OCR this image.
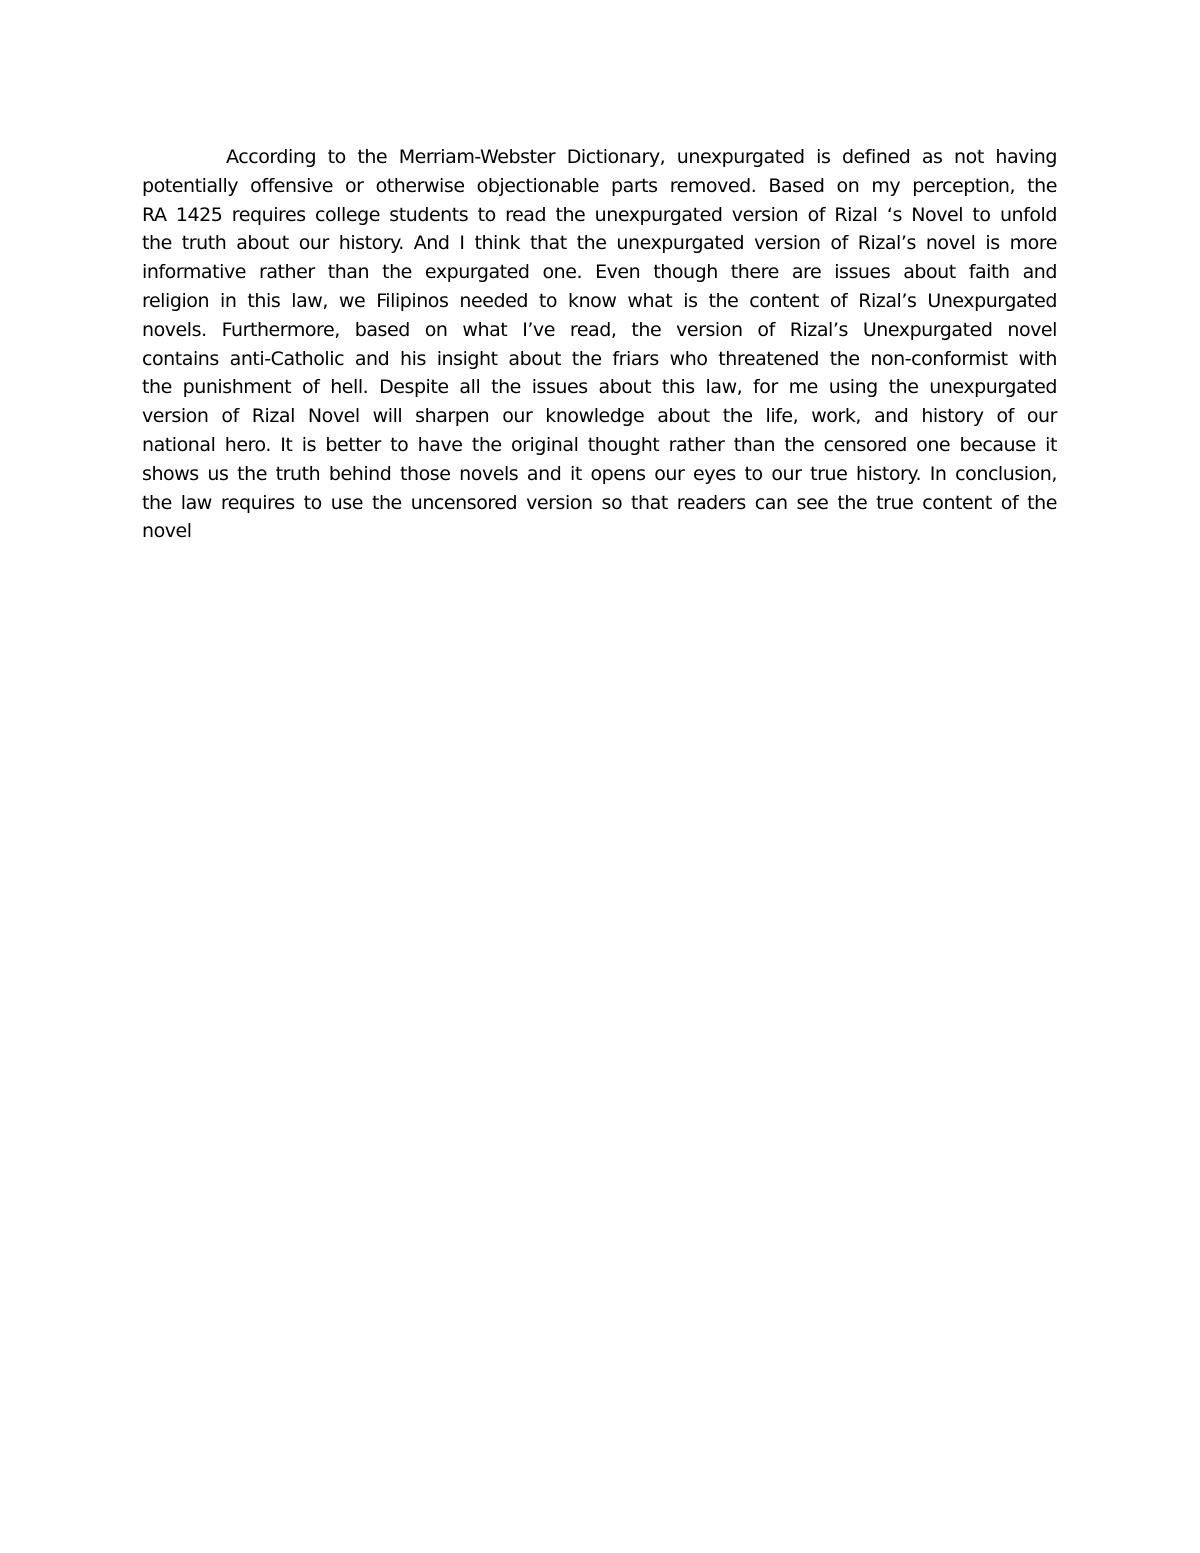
According to the Merriam-Webster Dictionary, unexpurgated is defined as not having
potentially offensive or otherwise objectionable parts removed. Based on my perception, the
RA 1425 requires college students to read the unexpurgated version of Rizal ‘s Novel to unfold
the truth about our history. And I think that the unexpurgated version of Rizal’s novel is more
informative rather than the expurgated one. Even though there are issues about faith and
religion in this law, we Filipinos needed to know what is the content of Rizal’s Unexpurgated
novels. Furthermore, based on what I’ve read, the version of Rizal’s Unexpurgated novel
contains anti-Catholic and his insight about the friars who threatened the non-conformist with
the punishment of hell. Despite all the issues about this law, for me using the unexpurgated
version of Rizal Novel will sharpen our knowledge about the life, work, and history of our
national hero. It is better to have the original thought rather than the censored one because it
shows us the truth behind those novels and it opens our eyes to our true history. In conclusion,
the law requires to use the uncensored version so that readers can see the true content of the
novel
